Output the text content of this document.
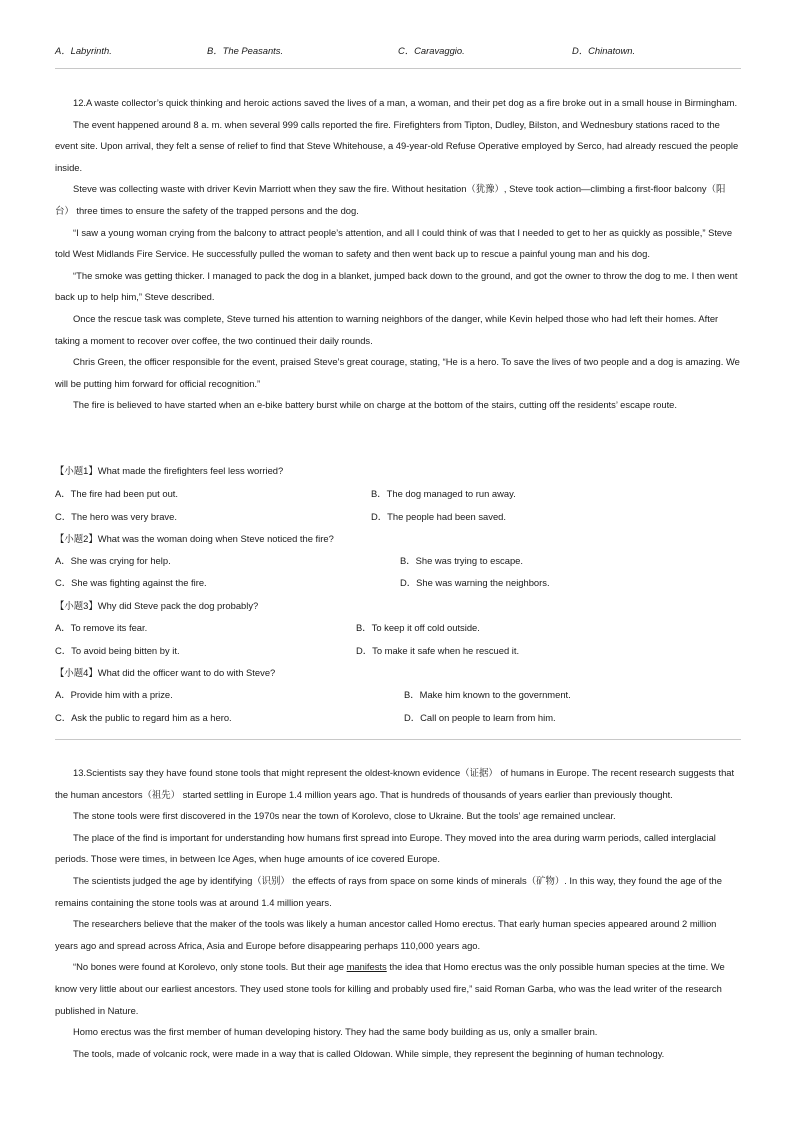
A．Labyrinth.	B．The Peasants.	C．Caravaggio.	D．Chinatown.

12.A waste collector’s quick thinking and heroic actions saved the lives of a man, a woman, and their pet dog as a fire broke out in a small house in Birmingham.

The event happened around 8 a. m. when several 999 calls reported the fire. Firefighters from Tipton, Dudley, Bilston, and Wednesbury stations raced to the event site. Upon arrival, they felt a sense of relief to find that Steve Whitehouse, a 49-year-old Refuse Operative employed by Serco, had already rescued the people inside.

Steve was collecting waste with driver Kevin Marriott when they saw the fire. Without hesitation（犹豫）, Steve took action—climbing a first-floor balcony（阳台） three times to ensure the safety of the trapped persons and the dog.

“I saw a young woman crying from the balcony to attract people’s attention, and all I could think of was that I needed to get to her as quickly as possible,” Steve told West Midlands Fire Service. He successfully pulled the woman to safety and then went back up to rescue a painful young man and his dog.

“The smoke was getting thicker. I managed to pack the dog in a blanket, jumped back down to the ground, and got the owner to throw the dog to me. I then went back up to help him,” Steve described.

Once the rescue task was complete, Steve turned his attention to warning neighbors of the danger, while Kevin helped those who had left their homes. After taking a moment to recover over coffee, the two continued their daily rounds.

Chris Green, the officer responsible for the event, praised Steve’s great courage, stating, “He is a hero. To save the lives of two people and a dog is amazing. We will be putting him forward for official recognition.”

The fire is believed to have started when an e-bike battery burst while on charge at the bottom of the stairs, cutting off the residents’ escape route.

【小题1】What made the firefighters feel less worried?
A．The fire had been put out.	B．The dog managed to run away.
C．The hero was very brave.	D．The people had been saved.
【小题2】What was the woman doing when Steve noticed the fire?
A．She was crying for help.	B．She was trying to escape.
C．She was fighting against the fire.	D．She was warning the neighbors.
【小题3】Why did Steve pack the dog probably?
A．To remove its fear.	B．To keep it off cold outside.
C．To avoid being bitten by it.	D．To make it safe when he rescued it.
【小题4】What did the officer want to do with Steve?
A．Provide him with a prize.	B．Make him known to the government.
C．Ask the public to regard him as a hero.	D．Call on people to learn from him.

13.Scientists say they have found stone tools that might represent the oldest-known evidence（证据） of humans in Europe. The recent research suggests that the human ancestors（祖先） started settling in Europe 1.4 million years ago. That is hundreds of thousands of years earlier than previously thought.

The stone tools were first discovered in the 1970s near the town of Korolevo, close to Ukraine. But the tools’ age remained unclear.

The place of the find is important for understanding how humans first spread into Europe. They moved into the area during warm periods, called interglacial periods. Those were times, in between Ice Ages, when huge amounts of ice covered Europe.

The scientists judged the age by identifying（识别） the effects of rays from space on some kinds of minerals（矿物）. In this way, they found the age of the remains containing the stone tools was at around 1.4 million years.

The researchers believe that the maker of the tools was likely a human ancestor called Homo erectus. That early human species appeared around 2 million years ago and spread across Africa, Asia and Europe before disappearing perhaps 110,000 years ago.

“No bones were found at Korolevo, only stone tools. But their age manifests the idea that Homo erectus was the only possible human species at the time. We know very little about our earliest ancestors. They used stone tools for killing and probably used fire,” said Roman Garba, who was the lead writer of the research published in Nature.

Homo erectus was the first member of human developing history. They had the same body building as us, only a smaller brain.

The tools, made of volcanic rock, were made in a way that is called Oldowan. While simple, they represent the beginning of human technology.
